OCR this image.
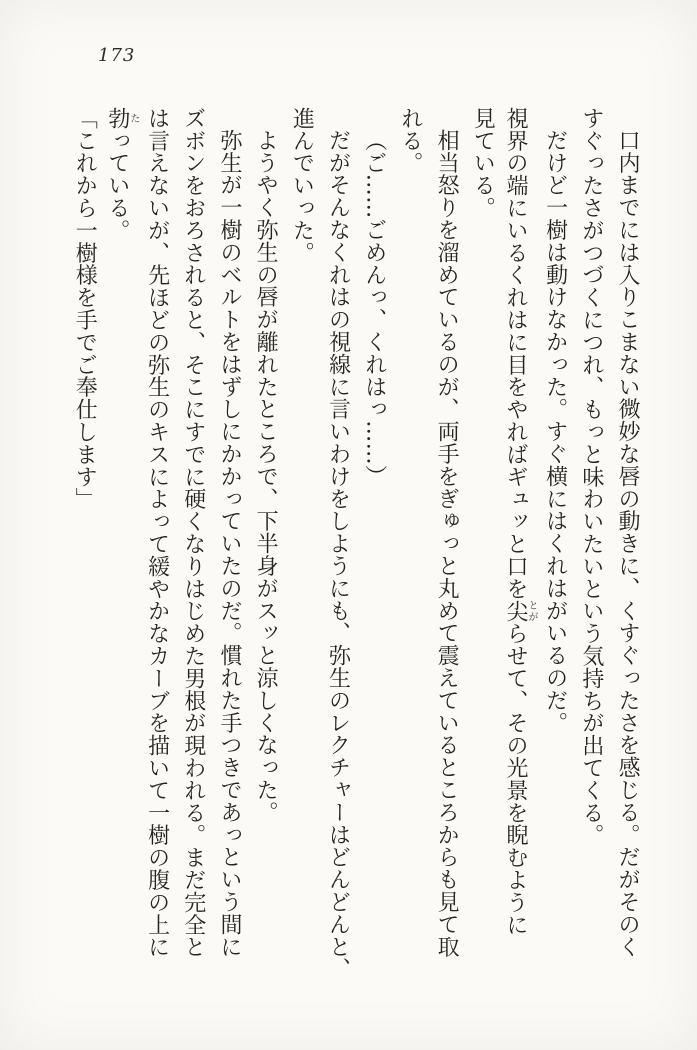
173
口内までには入りこまない微妙な唇の動きに、くすぐったさを感じる。だがそのく
すぐったさがつづくにつれ、もっと味わいたいという気持ちが出てくる。
だけど一樹は動けなかった。すぐ横にはくれはがいるのだ。
視界の端にいるくれはに目をやればギュッと口を尖とがらせて、その光景を睨むように
見ている。
相当怒りを溜めているのが、両手をぎゅっと丸めて震えているところからも見て取
れる。
（ご……ごめんっ、くれはっ……）
だがそんなくれはの視線に言いわけをしようにも、弥生のレクチャーはどんどんと、
進んでいった。
ようやく弥生の唇が離れたところで、下半身がスッと涼しくなった。
弥生が一樹のベルトをはずしにかかっていたのだ。慣れた手つきであっという間に
ズボンをおろされると、そこにすでに硬くなりはじめた男根が現われる。まだ完全と
は言えないが、先ほどの弥生のキスによって緩やかなカーブを描いて一樹の腹の上に
勃たっている。
「これから一樹様を手でご奉仕します」
